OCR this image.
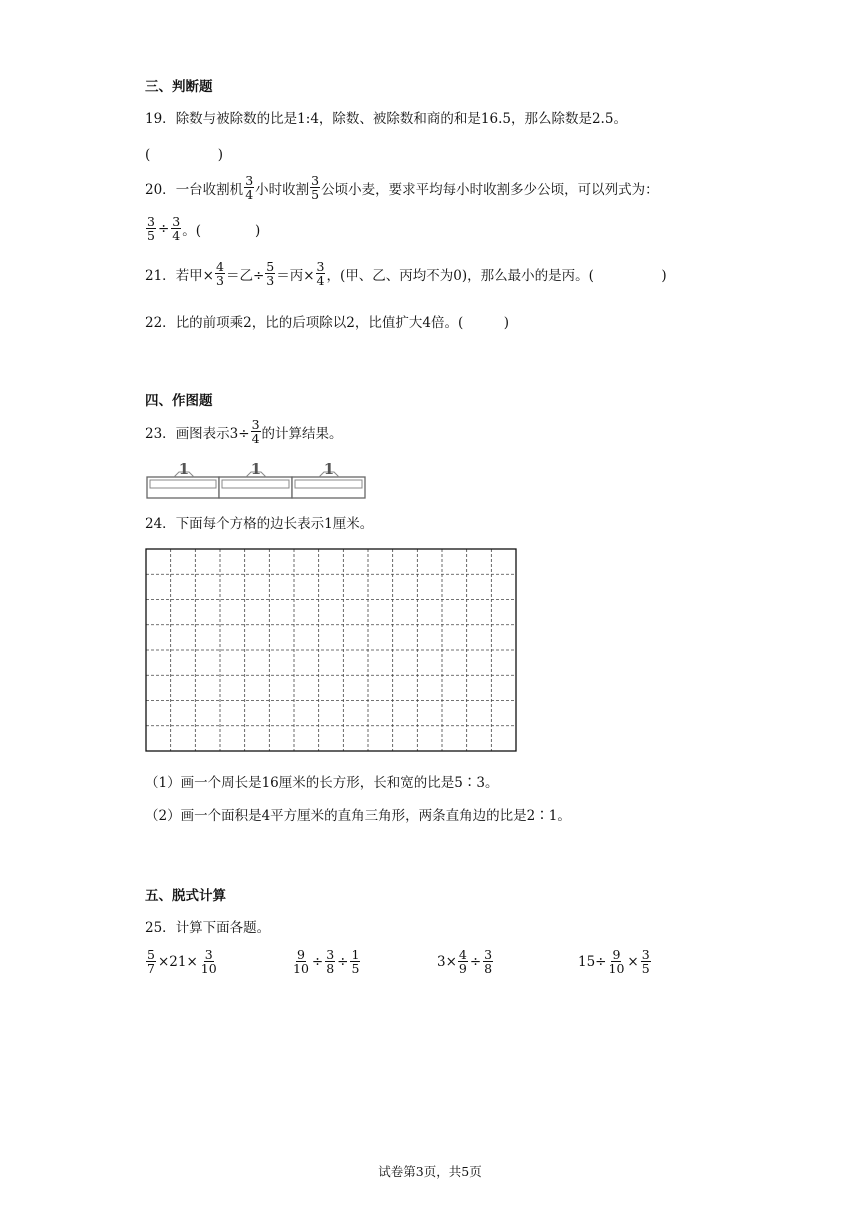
三、判断题
19．除数与被除数的比是1:4，除数、被除数和商的和是16.5，那么除数是2.5。
(　　　　　)
20． 一台收割机 $\frac{3}{4}$ 小时收割 $\frac{3}{5}$ 公顷小麦，要求平均每小时收割多少公顷，可以列式为：
$\frac{3}{5} \div \frac{3}{4}$ 。(　　　　)
21． 若甲× $\frac{4}{3}$ ＝乙÷ $\frac{5}{3}$ ＝丙× $\frac{3}{4}$ ，(甲、乙、丙均不为0)，那么最小的是丙。(　　　　　)
22．比的前项乘2，比的后项除以2，比值扩大4倍。(　　　)
四、作图题
23． 画图表示$3\div \frac{3}{4}$ 的计算结果。
1	1	1
24．下面每个方格的边长表示1厘米。
（1）画一个周长是16厘米的长方形，长和宽的比是5∶3。
（2）画一个面积是4平方厘米的直角三角形，两条直角边的比是2∶1。
五、脱式计算
25．计算下面各题。
$\frac{5}{7} \times 21\times \frac{3}{10}$	$\frac{9}{10} \div \frac{3}{8} \div \frac{1}{5}$	$3\times \frac{4}{9} \div \frac{3}{8}$	$15\div \frac{9}{10} \times \frac{3}{5}$
试卷第3页，共5页
